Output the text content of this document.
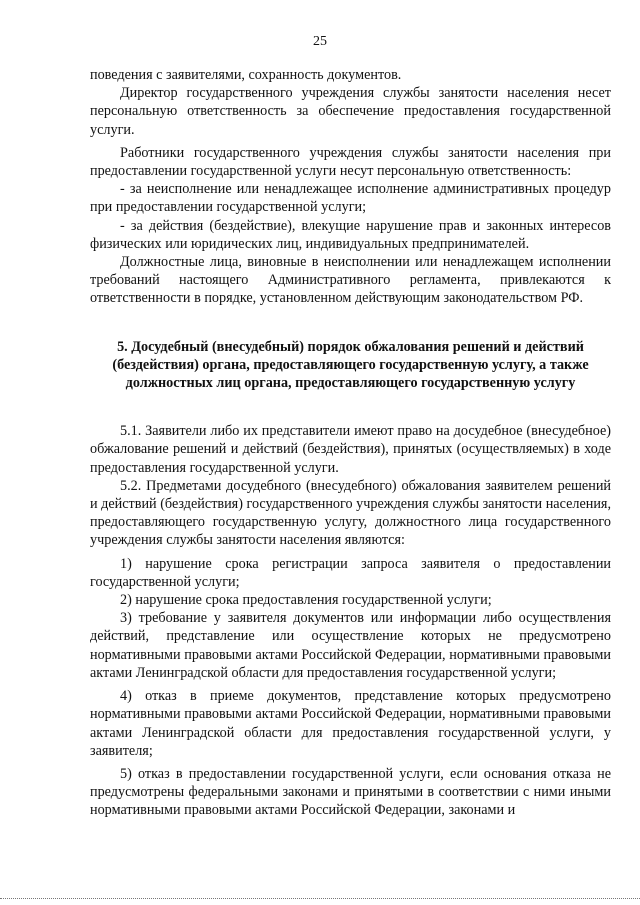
25

поведения с заявителями, сохранность документов.

Директор государственного учреждения службы занятости населения несет персональную ответственность за обеспечение предоставления государственной услуги.

Работники государственного учреждения службы занятости населения при предоставлении государственной услуги несут персональную ответственность:

- за неисполнение или ненадлежащее исполнение административных процедур при предоставлении государственной услуги;

- за действия (бездействие), влекущие нарушение прав и законных интересов физических или юридических лиц, индивидуальных предпринимателей.

Должностные лица, виновные в неисполнении или ненадлежащем исполнении требований настоящего Административного регламента, привлекаются к ответственности в порядке, установленном действующим законодательством РФ.

5. Досудебный (внесудебный) порядок обжалования решений и действий (бездействия) органа, предоставляющего государственную услугу, а также должностных лиц органа, предоставляющего государственную услугу

5.1. Заявители либо их представители имеют право на досудебное (внесудебное) обжалование решений и действий (бездействия), принятых (осуществляемых) в ходе предоставления государственной услуги.

5.2. Предметами досудебного (внесудебного) обжалования заявителем решений и действий (бездействия) государственного учреждения службы занятости населения, предоставляющего государственную услугу, должностного лица государственного учреждения службы занятости населения являются:

1) нарушение срока регистрации запроса заявителя о предоставлении государственной услуги;

2) нарушение срока предоставления государственной услуги;

3) требование у заявителя документов или информации либо осуществления действий, представление или осуществление которых не предусмотрено нормативными правовыми актами Российской Федерации, нормативными правовыми актами Ленинградской области для предоставления государственной услуги;

4) отказ в приеме документов, представление которых предусмотрено нормативными правовыми актами Российской Федерации, нормативными правовыми актами Ленинградской области для предоставления государственной услуги, у заявителя;

5) отказ в предоставлении государственной услуги, если основания отказа не предусмотрены федеральными законами и принятыми в соответствии с ними иными нормативными правовыми актами Российской Федерации, законами и
